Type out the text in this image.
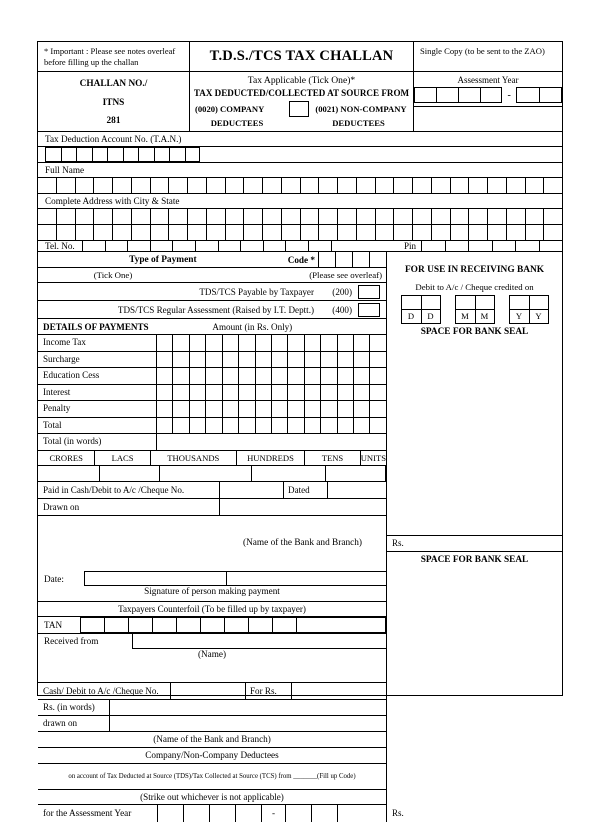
* Important : Please see notes overleaf before filling up the challan	T.D.S./TCS TAX CHALLAN	Single Copy (to be sent to the ZAO)
CHALLAN NO./
ITNS
281
Tax Applicable (Tick One)*
TAX DEDUCTED/COLLECTED AT SOURCE FROM
(0020) COMPANY	(0021) NON-COMPANY
DEDUCTEES	DEDUCTEES
Assessment Year
-
Tax Deduction Account No. (T.A.N.)
Full Name
Complete Address with City & State
Tel. No.	Pin
Type of Payment	Code *
(Tick One)	(Please see overleaf)
TDS/TCS Payable by Taxpayer	(200)
TDS/TCS Regular Assessment (Raised by I.T. Deptt.)	(400)
DETAILS OF PAYMENTS	Amount (in Rs. Only)
Income Tax
Surcharge
Education Cess
Interest
Penalty
Total
Total (in words)
CRORES	LACS	THOUSANDS	HUNDREDS	TENS	UNITS
Paid in Cash/Debit to A/c /Cheque No.	Dated
Drawn on
(Name of the Bank and Branch)
Date:
Signature of person making payment
Taxpayers Counterfoil (To be filled up by taxpayer)
TAN
Received from
(Name)
Cash/ Debit to A/c /Cheque No.	For Rs.
Rs. (in words)
drawn on
(Name of the Bank and Branch)
Company/Non-Company Deductees
on account of Tax Deducted at Source (TDS)/Tax Collected at Source (TCS) from _______(Fill up Code)
(Strike out whichever is not applicable)
for the Assessment Year	-
FOR USE IN RECEIVING BANK
Debit to A/c / Cheque credited on
D	D	M	M	Y	Y
SPACE FOR BANK SEAL
Rs.
SPACE FOR BANK SEAL
Rs.
